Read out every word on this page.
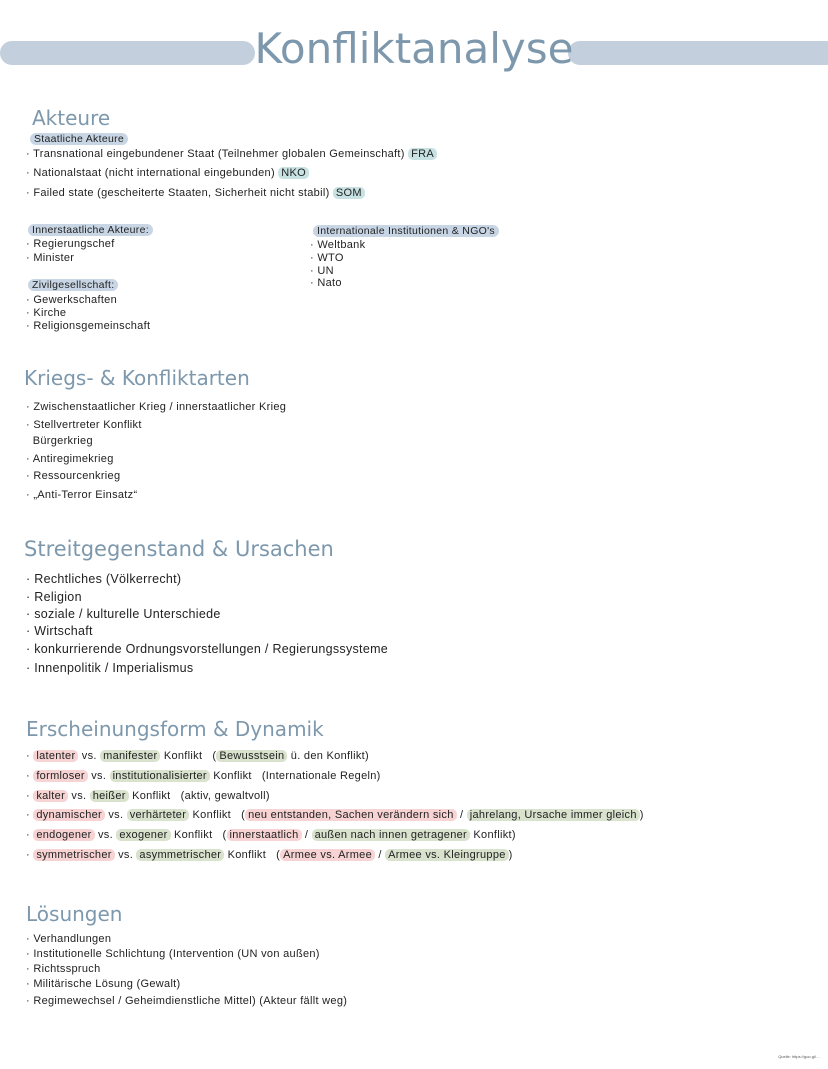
Konfliktanalyse
Akteure
Staatliche Akteure
· Transnational eingebundener Staat (Teilnehmer globalen Gemeinschaft) FRA
· Nationalstaat (nicht international eingebunden) NKO
· Failed state (gescheiterte Staaten, Sicherheit nicht stabil) SOM
Innerstaatliche Akteure:
· Regierungschef
· Minister
Zivilgesellschaft:
· Gewerkschaften
· Kirche
· Religionsgemeinschaft
Internationale Institutionen & NGO's
· Weltbank
· WTO
· UN
· Nato
Kriegs- & Konfliktarten
· Zwischenstaatlicher Krieg / innerstaatlicher Krieg
· Stellvertreter Konflikt
Bürgerkrieg
· Antiregimekrieg
· Ressourcenkrieg
· „Anti-Terror Einsatz“
Streitgegenstand & Ursachen
· Rechtliches (Völkerrecht)
· Religion
· soziale / kulturelle Unterschiede
· Wirtschaft
· konkurrierende Ordnungsvorstellungen / Regierungssysteme
· Innenpolitik / Imperialismus
Erscheinungsform & Dynamik
· latenter vs. manifester Konflikt ( Bewusstsein ü. den Konflikt)
· formloser vs. institutionalisierter Konflikt (Internationale Regeln)
· kalter vs. heißer Konflikt (aktiv, gewaltvoll)
· dynamischer vs. verhärteter Konflikt ( neu entstanden, Sachen verändern sich / jahrelang, Ursache immer gleich )
· endogener vs. exogener Konflikt ( innerstaatlich / außen nach innen getragener Konflikt)
· symmetrischer vs. asymmetrischer Konflikt ( Armee vs. Armee / Armee vs. Kleingruppe )
Lösungen
· Verhandlungen
· Institutionelle Schlichtung (Intervention (UN von außen)
· Richtsspruch
· Militärische Lösung (Gewalt)
· Regimewechsel / Geheimdienstliche Mittel) (Akteur fällt weg)
Quelle: https://goo.gl/…
